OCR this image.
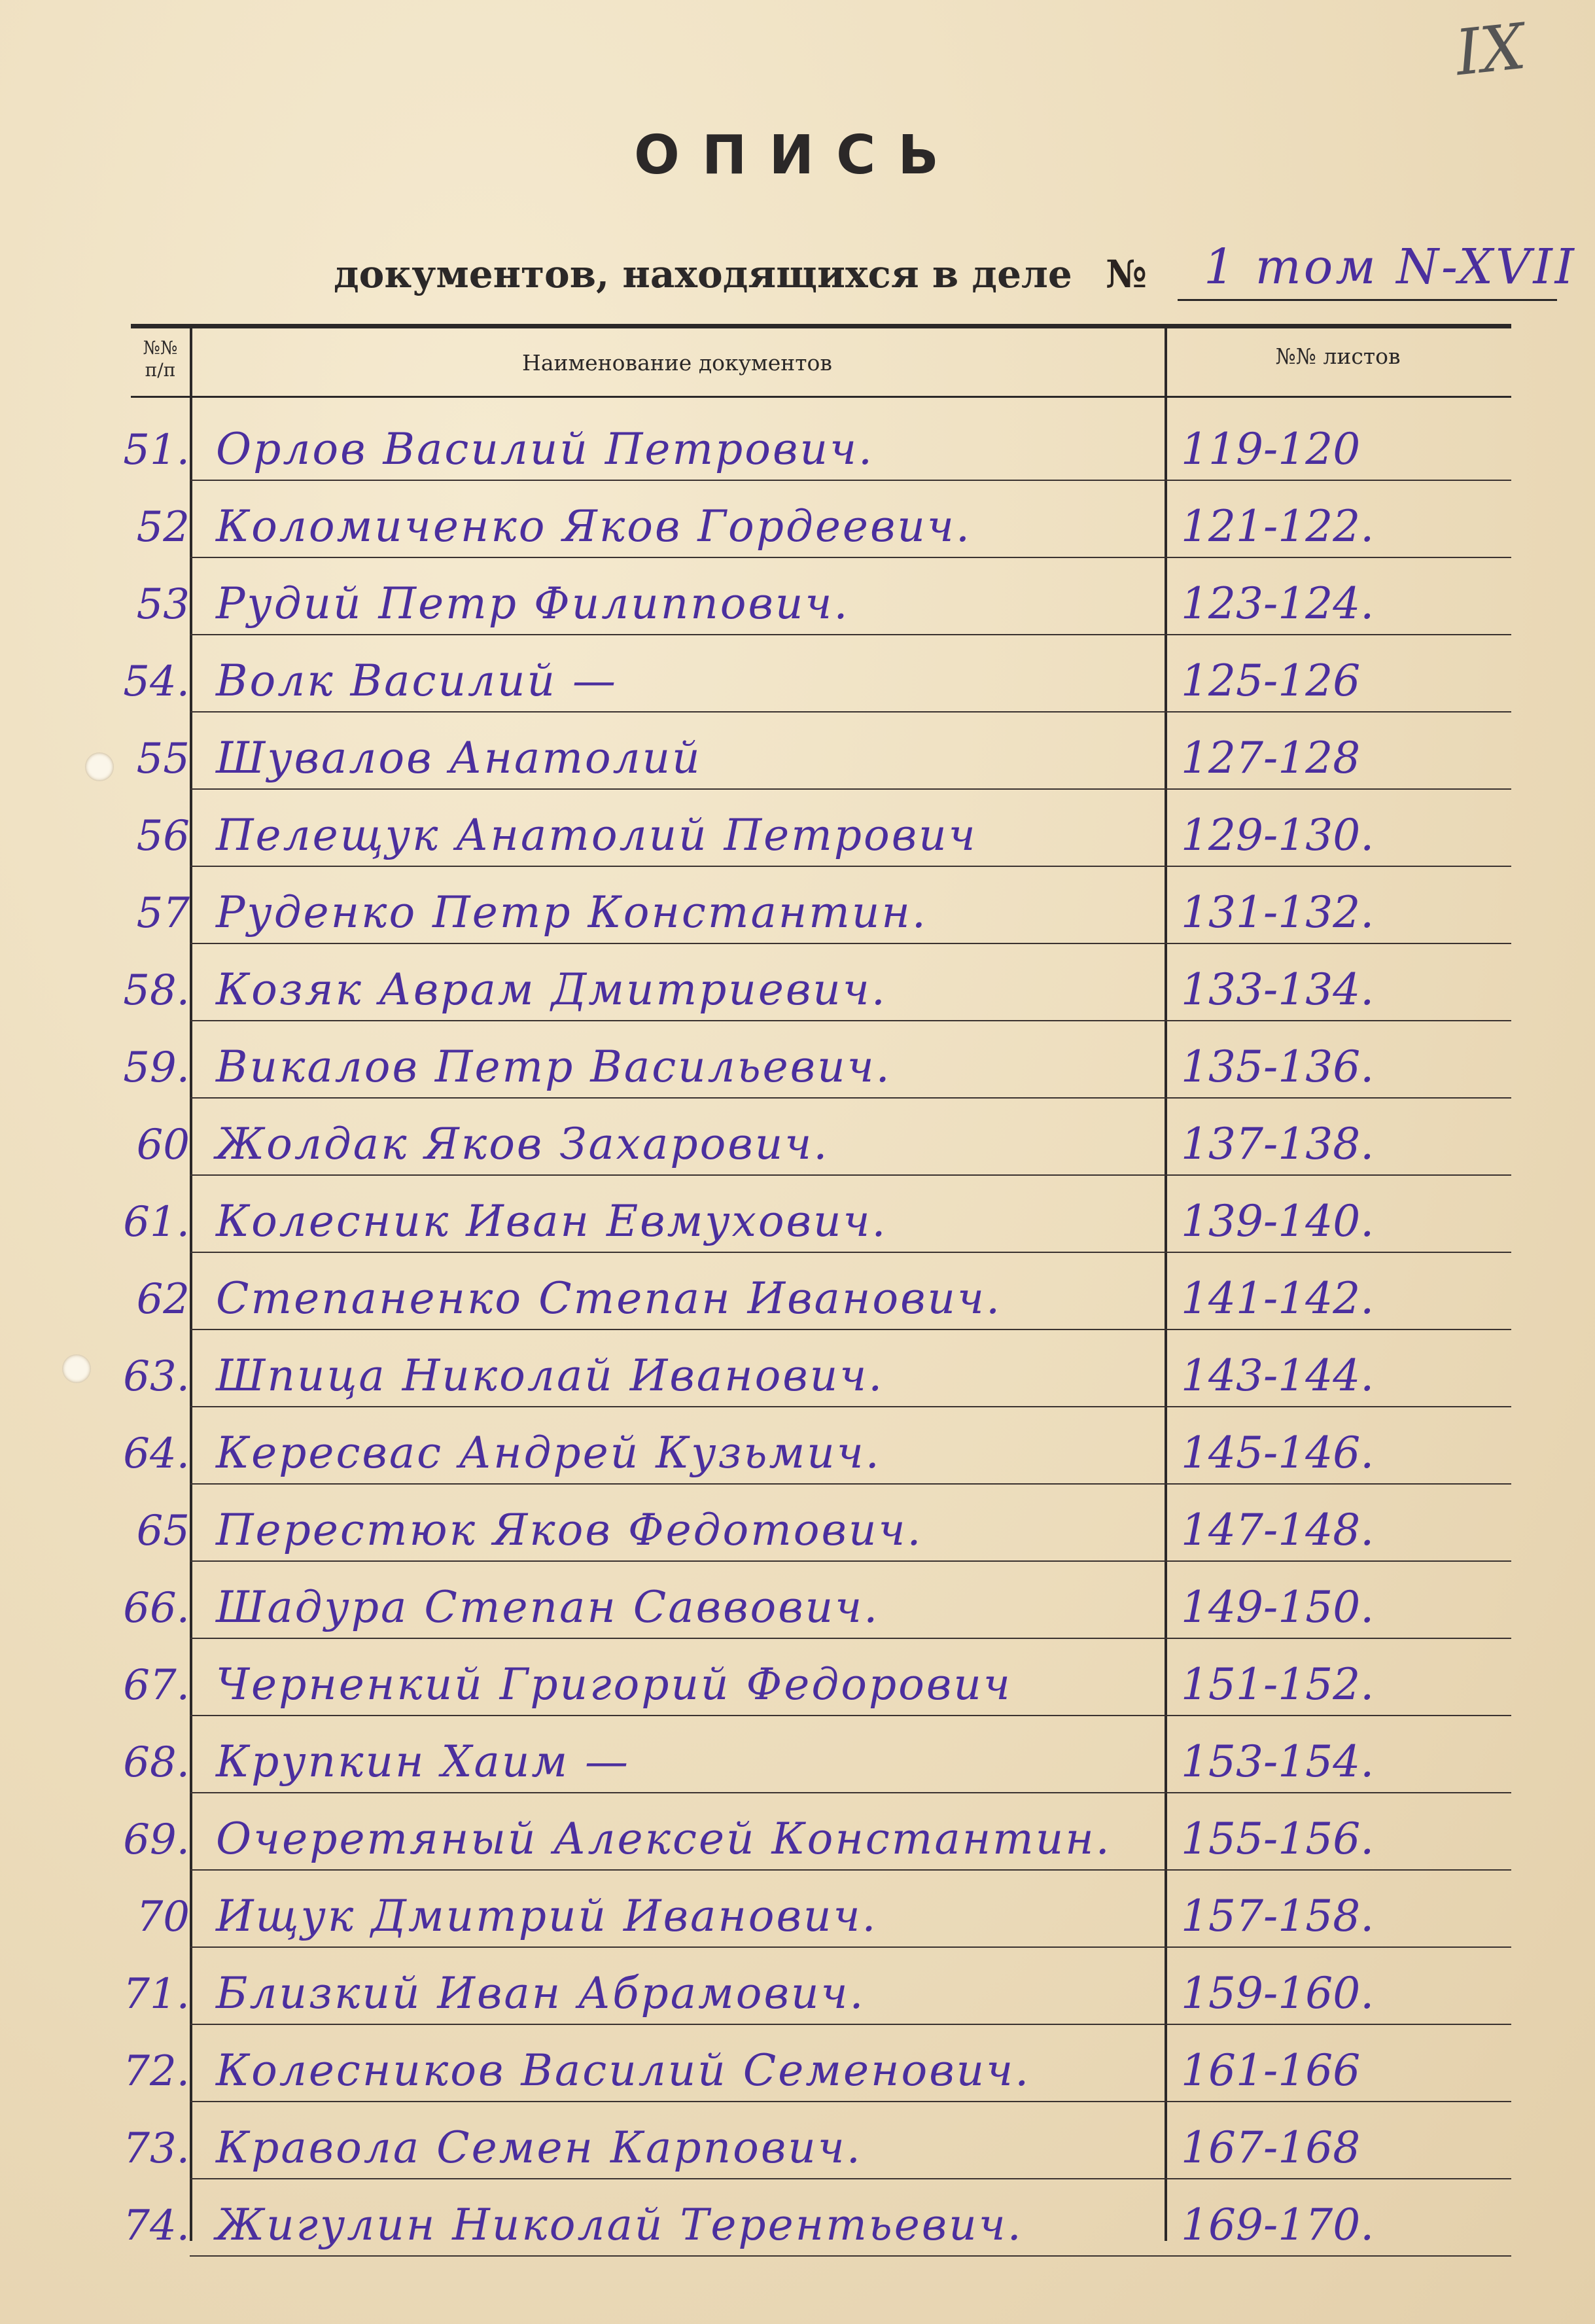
IX
ОПИСЬ
документов, находящихся в деле № 1 том N-XVII
№№
п/п	Наименование документов	№№ листов
51. Орлов Василий Петрович.	119-120
52 Коломиченко Яков Гордеевич.	121-122.
53 Рудий Петр Филиппович.	123-124.
54. Волк Василий —	125-126
55 Шувалов Анатолий	127-128
56 Пелещук Анатолий Петрович	129-130.
57 Руденко Петр Константин.	131-132.
58. Козяк Аврам Дмитриевич.	133-134.
59. Викалов Петр Васильевич.	135-136.
60 Жолдак Яков Захарович.	137-138.
61. Колесник Иван Евмухович.	139-140.
62 Степаненко Степан Иванович.	141-142.
63. Шпица Николай Иванович.	143-144.
64. Кересвас Андрей Кузьмич.	145-146.
65 Перестюк Яков Федотович.	147-148.
66. Шадура Степан Саввович.	149-150.
67. Черненкий Григорий Федорович	151-152.
68. Крупкин Хаим —	153-154.
69. Очеретяный Алексей Константин.	155-156.
70 Ищук Дмитрий Иванович.	157-158.
71. Близкий Иван Абрамович.	159-160.
72. Колесников Василий Семенович.	161-166
73. Кравола Семен Карпович.	167-168
74. Жигулин Николай Терентьевич.	169-170.
